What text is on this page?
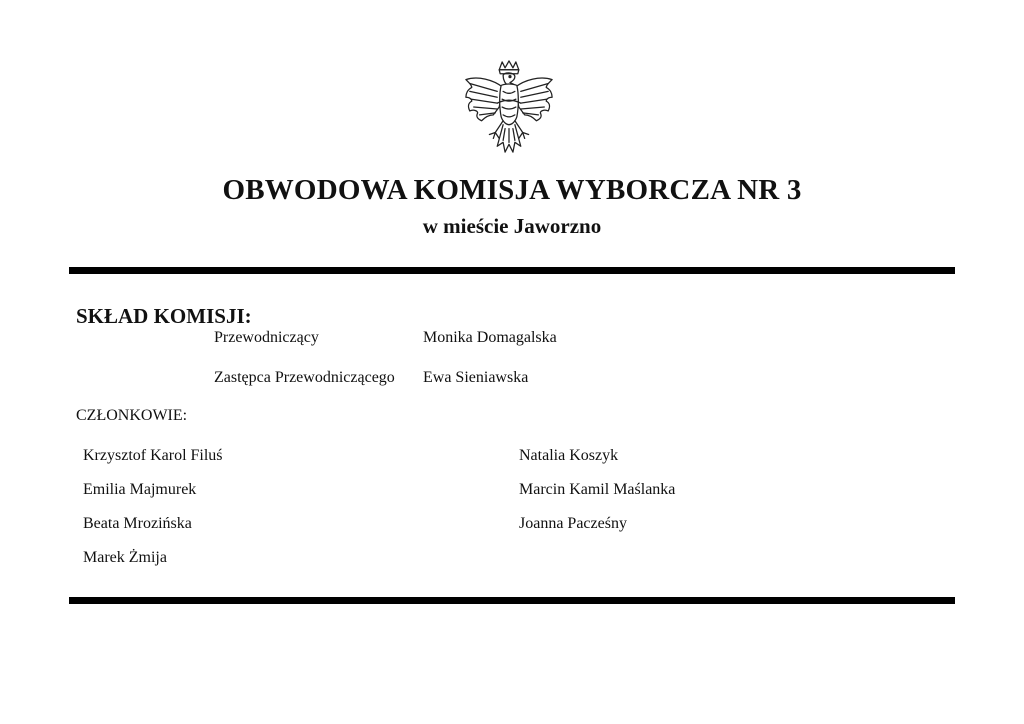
OBWODOWA KOMISJA WYBORCZA NR 3
w mieście Jaworzno
SKŁAD KOMISJI:
Przewodniczący	Monika Domagalska
Zastępca Przewodniczącego Ewa Sieniawska
CZŁONKOWIE:
Krzysztof Karol Filuś
Emilia Majmurek
Beata Mrozińska
Marek Żmija
Natalia Koszyk
Marcin Kamil Maślanka
Joanna Pacześny
